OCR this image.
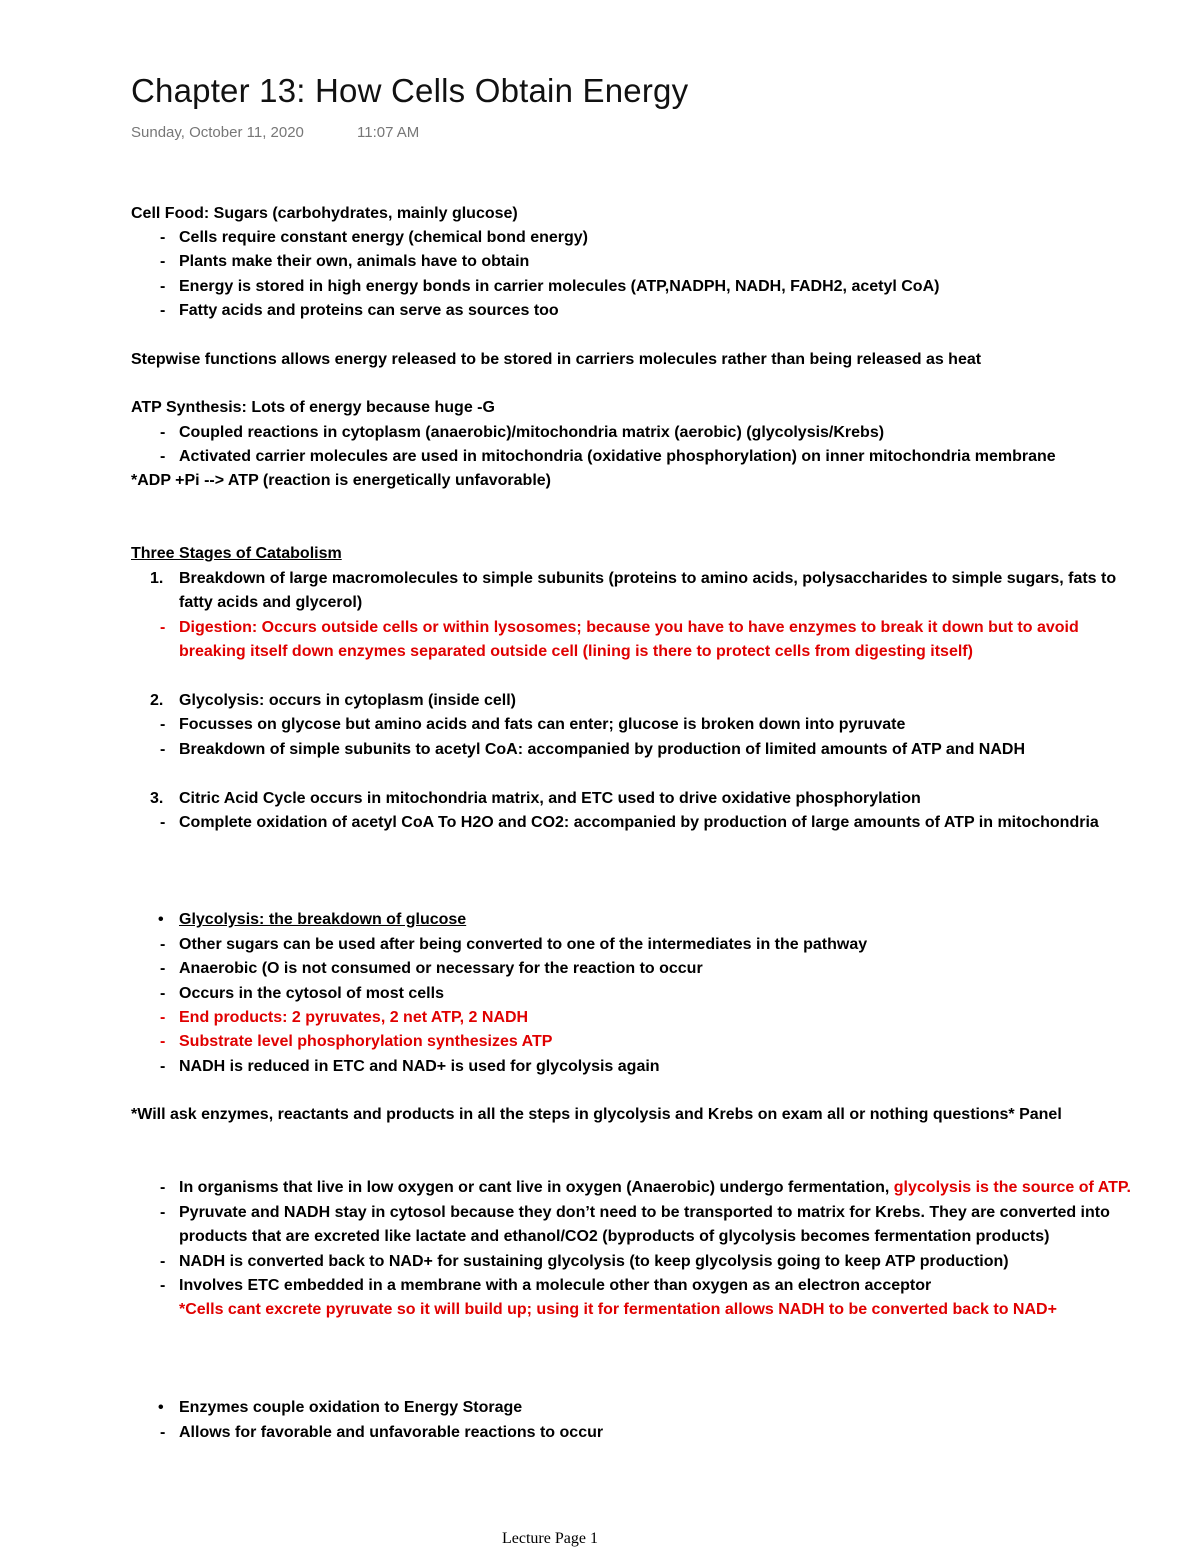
Chapter 13: How Cells Obtain Energy
Sunday, October 11, 2020	11:07 AM
Cell Food: Sugars (carbohydrates, mainly glucose)
- Cells require constant energy (chemical bond energy)
- Plants make their own, animals have to obtain
- Energy is stored in high energy bonds in carrier molecules (ATP,NADPH, NADH, FADH2, acetyl CoA)
- Fatty acids and proteins can serve as sources too
Stepwise functions allows energy released to be stored in carriers molecules rather than being released as heat
ATP Synthesis: Lots of energy because huge -G
- Coupled reactions in cytoplasm (anaerobic)/mitochondria matrix (aerobic) (glycolysis/Krebs)
- Activated carrier molecules are used in mitochondria (oxidative phosphorylation) on inner mitochondria membrane
*ADP +Pi --> ATP (reaction is energetically unfavorable)
Three Stages of Catabolism
1. Breakdown of large macromolecules to simple subunits (proteins to amino acids, polysaccharides to simple sugars, fats to
fatty acids and glycerol)
- Digestion: Occurs outside cells or within lysosomes; because you have to have enzymes to break it down but to avoid
breaking itself down enzymes separated outside cell (lining is there to protect cells from digesting itself)
2. Glycolysis: occurs in cytoplasm (inside cell)
- Focusses on glycose but amino acids and fats can enter; glucose is broken down into pyruvate
- Breakdown of simple subunits to acetyl CoA: accompanied by production of limited amounts of ATP and NADH
3. Citric Acid Cycle occurs in mitochondria matrix, and ETC used to drive oxidative phosphorylation
- Complete oxidation of acetyl CoA To H2O and CO2: accompanied by production of large amounts of ATP in mitochondria
• Glycolysis: the breakdown of glucose
- Other sugars can be used after being converted to one of the intermediates in the pathway
- Anaerobic (O is not consumed or necessary for the reaction to occur
- Occurs in the cytosol of most cells
- End products: 2 pyruvates, 2 net ATP, 2 NADH
- Substrate level phosphorylation synthesizes ATP
- NADH is reduced in ETC and NAD+ is used for glycolysis again
*Will ask enzymes, reactants and products in all the steps in glycolysis and Krebs on exam all or nothing questions* Panel
- In organisms that live in low oxygen or cant live in oxygen (Anaerobic) undergo fermentation, glycolysis is the source of ATP.
- Pyruvate and NADH stay in cytosol because they don’t need to be transported to matrix for Krebs. They are converted into
products that are excreted like lactate and ethanol/CO2 (byproducts of glycolysis becomes fermentation products)
- NADH is converted back to NAD+ for sustaining glycolysis (to keep glycolysis going to keep ATP production)
- Involves ETC embedded in a membrane with a molecule other than oxygen as an electron acceptor
*Cells cant excrete pyruvate so it will build up; using it for fermentation allows NADH to be converted back to NAD+
• Enzymes couple oxidation to Energy Storage
- Allows for favorable and unfavorable reactions to occur
Lecture Page 1
